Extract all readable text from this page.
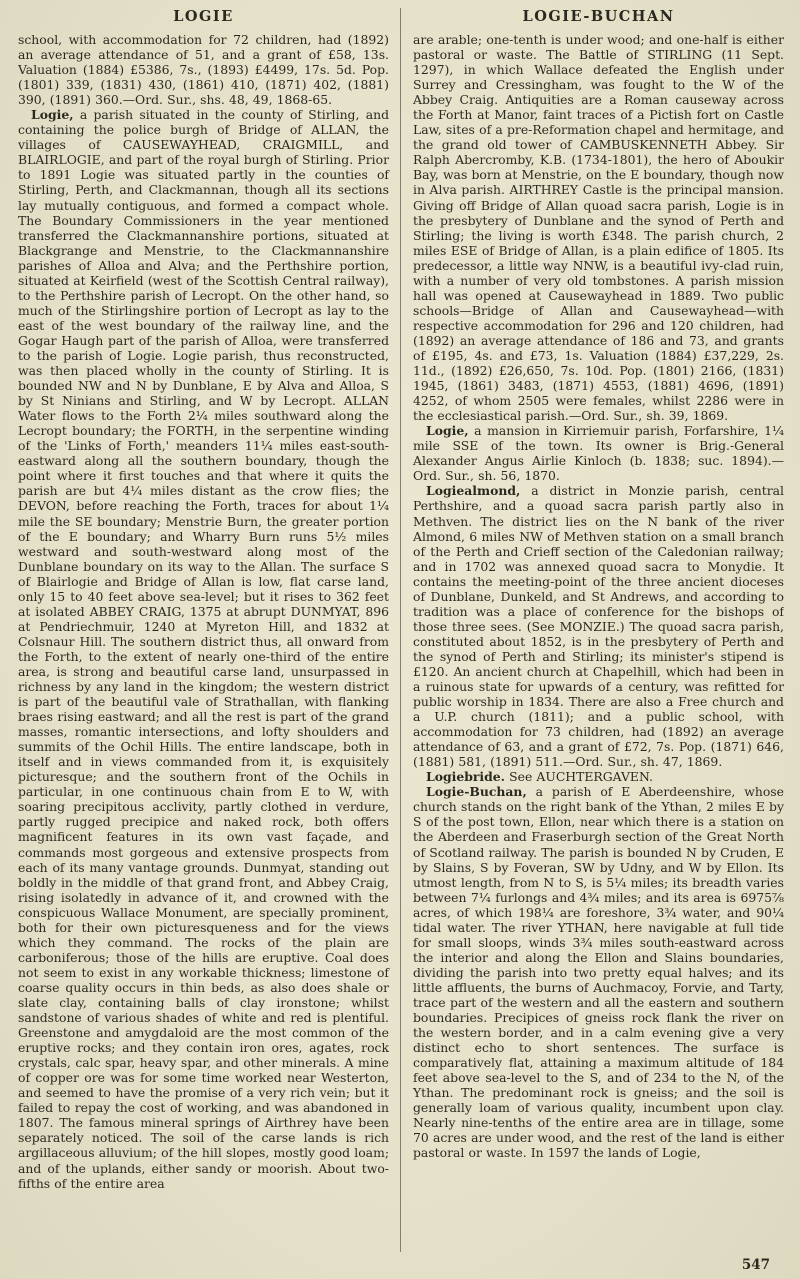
LOGIE

school, with accommodation for 72 children, had (1892) an average attendance of 51, and a grant of £58, 13s. Valuation (1884) £5386, 7s., (1893) £4499, 17s. 5d. Pop. (1801) 339, (1831) 430, (1861) 410, (1871) 402, (1881) 390, (1891) 360.—Ord. Sur., shs. 48, 49, 1868-65.

Logie, a parish situated in the county of Stirling, and containing the police burgh of Bridge of ALLAN, the villages of CAUSEWAYHEAD, CRAIGMILL, and BLAIRLOGIE, and part of the royal burgh of Stirling. Prior to 1891 Logie was situated partly in the counties of Stirling, Perth, and Clackmannan, though all its sections lay mutually contiguous, and formed a compact whole. The Boundary Commissioners in the year mentioned transferred the Clackmannanshire portions, situated at Blackgrange and Menstrie, to the Clackmannanshire parishes of Alloa and Alva; and the Perthshire portion, situated at Keirfield (west of the Scottish Central railway), to the Perthshire parish of Lecropt. On the other hand, so much of the Stirlingshire portion of Lecropt as lay to the east of the west boundary of the railway line, and the Gogar Haugh part of the parish of Alloa, were transferred to the parish of Logie. Logie parish, thus reconstructed, was then placed wholly in the county of Stirling. It is bounded NW and N by Dunblane, E by Alva and Alloa, S by St Ninians and Stirling, and W by Lecropt. ALLAN Water flows to the Forth 2¼ miles southward along the Lecropt boundary; the FORTH, in the serpentine winding of the 'Links of Forth,' meanders 11¼ miles east-south-eastward along all the southern boundary, though the point where it first touches and that where it quits the parish are but 4¼ miles distant as the crow flies; the DEVON, before reaching the Forth, traces for about 1¼ mile the SE boundary; Menstrie Burn, the greater portion of the E boundary; and Wharry Burn runs 5½ miles westward and south-westward along most of the Dunblane boundary on its way to the Allan. The surface S of Blairlogie and Bridge of Allan is low, flat carse land, only 15 to 40 feet above sea-level; but it rises to 362 feet at isolated ABBEY CRAIG, 1375 at abrupt DUNMYAT, 896 at Pendriechmuir, 1240 at Myreton Hill, and 1832 at Colsnaur Hill. The southern district thus, all onward from the Forth, to the extent of nearly one-third of the entire area, is strong and beautiful carse land, unsurpassed in richness by any land in the kingdom; the western district is part of the beautiful vale of Strathallan, with flanking braes rising eastward; and all the rest is part of the grand masses, romantic intersections, and lofty shoulders and summits of the Ochil Hills. The entire landscape, both in itself and in views commanded from it, is exquisitely picturesque; and the southern front of the Ochils in particular, in one continuous chain from E to W, with soaring precipitous acclivity, partly clothed in verdure, partly rugged precipice and naked rock, both offers magnificent features in its own vast façade, and commands most gorgeous and extensive prospects from each of its many vantage grounds. Dunmyat, standing out boldly in the middle of that grand front, and Abbey Craig, rising isolatedly in advance of it, and crowned with the conspicuous Wallace Monument, are specially prominent, both for their own picturesqueness and for the views which they command. The rocks of the plain are carboniferous; those of the hills are eruptive. Coal does not seem to exist in any workable thickness; limestone of coarse quality occurs in thin beds, as also does shale or slate clay, containing balls of clay ironstone; whilst sandstone of various shades of white and red is plentiful. Greenstone and amygdaloid are the most common of the eruptive rocks; and they contain iron ores, agates, rock crystals, calc spar, heavy spar, and other minerals. A mine of copper ore was for some time worked near Westerton, and seemed to have the promise of a very rich vein; but it failed to repay the cost of working, and was abandoned in 1807. The famous mineral springs of Airthrey have been separately noticed. The soil of the carse lands is rich argillaceous alluvium; of the hill slopes, mostly good loam; and of the uplands, either sandy or moorish. About two-fifths of the entire area

LOGIE-BUCHAN

are arable; one-tenth is under wood; and one-half is either pastoral or waste. The Battle of STIRLING (11 Sept. 1297), in which Wallace defeated the English under Surrey and Cressingham, was fought to the W of the Abbey Craig. Antiquities are a Roman causeway across the Forth at Manor, faint traces of a Pictish fort on Castle Law, sites of a pre-Reformation chapel and hermitage, and the grand old tower of CAMBUSKENNETH Abbey. Sir Ralph Abercromby, K.B. (1734-1801), the hero of Aboukir Bay, was born at Menstrie, on the E boundary, though now in Alva parish. AIRTHREY Castle is the principal mansion. Giving off Bridge of Allan quoad sacra parish, Logie is in the presbytery of Dunblane and the synod of Perth and Stirling; the living is worth £348. The parish church, 2 miles ESE of Bridge of Allan, is a plain edifice of 1805. Its predecessor, a little way NNW, is a beautiful ivy-clad ruin, with a number of very old tombstones. A parish mission hall was opened at Causewayhead in 1889. Two public schools—Bridge of Allan and Causewayhead—with respective accommodation for 296 and 120 children, had (1892) an average attendance of 186 and 73, and grants of £195, 4s. and £73, 1s. Valuation (1884) £37,229, 2s. 11d., (1892) £26,650, 7s. 10d. Pop. (1801) 2166, (1831) 1945, (1861) 3483, (1871) 4553, (1881) 4696, (1891) 4252, of whom 2505 were females, whilst 2286 were in the ecclesiastical parish.—Ord. Sur., sh. 39, 1869.

Logie, a mansion in Kirriemuir parish, Forfarshire, 1¼ mile SSE of the town. Its owner is Brig.-General Alexander Angus Airlie Kinloch (b. 1838; suc. 1894).—Ord. Sur., sh. 56, 1870.

Logiealmond, a district in Monzie parish, central Perthshire, and a quoad sacra parish partly also in Methven. The district lies on the N bank of the river Almond, 6 miles NW of Methven station on a small branch of the Perth and Crieff section of the Caledonian railway; and in 1702 was annexed quoad sacra to Monydie. It contains the meeting-point of the three ancient dioceses of Dunblane, Dunkeld, and St Andrews, and according to tradition was a place of conference for the bishops of those three sees. (See MONZIE.) The quoad sacra parish, constituted about 1852, is in the presbytery of Perth and the synod of Perth and Stirling; its minister's stipend is £120. An ancient church at Chapelhill, which had been in a ruinous state for upwards of a century, was refitted for public worship in 1834. There are also a Free church and a U.P. church (1811); and a public school, with accommodation for 73 children, had (1892) an average attendance of 63, and a grant of £72, 7s. Pop. (1871) 646, (1881) 581, (1891) 511.—Ord. Sur., sh. 47, 1869.

Logiebride. See AUCHTERGAVEN.

Logie-Buchan, a parish of E Aberdeenshire, whose church stands on the right bank of the Ythan, 2 miles E by S of the post town, Ellon, near which there is a station on the Aberdeen and Fraserburgh section of the Great North of Scotland railway. The parish is bounded N by Cruden, E by Slains, S by Foveran, SW by Udny, and W by Ellon. Its utmost length, from N to S, is 5¼ miles; its breadth varies between 7¼ furlongs and 4¾ miles; and its area is 6975⅞ acres, of which 198¼ are foreshore, 3¾ water, and 90¼ tidal water. The river YTHAN, here navigable at full tide for small sloops, winds 3¾ miles south-eastward across the interior and along the Ellon and Slains boundaries, dividing the parish into two pretty equal halves; and its little affluents, the burns of Auchmacoy, Forvie, and Tarty, trace part of the western and all the eastern and southern boundaries. Precipices of gneiss rock flank the river on the western border, and in a calm evening give a very distinct echo to short sentences. The surface is comparatively flat, attaining a maximum altitude of 184 feet above sea-level to the S, and of 234 to the N, of the Ythan. The predominant rock is gneiss; and the soil is generally loam of various quality, incumbent upon clay. Nearly nine-tenths of the entire area are in tillage, some 70 acres are under wood, and the rest of the land is either pastoral or waste. In 1597 the lands of Logie,

547
